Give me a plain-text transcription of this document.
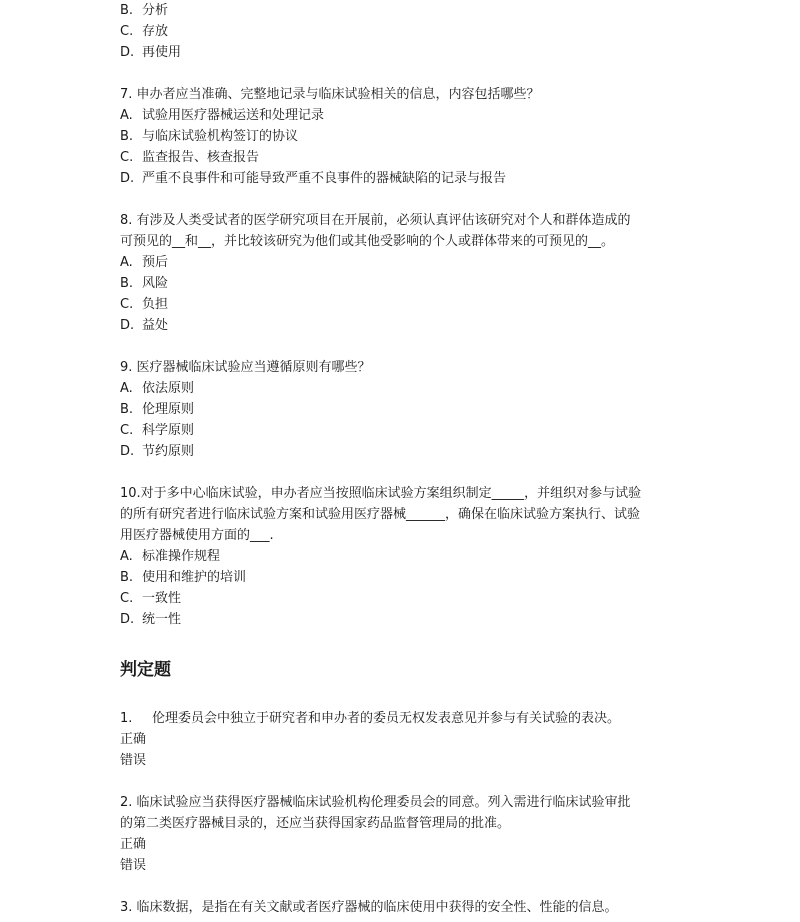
B. 分析
C. 存放
D. 再使用
7. 申办者应当准确、完整地记录与临床试验相关的信息，内容包括哪些？
A. 试验用医疗器械运送和处理记录
B. 与临床试验机构签订的协议
C. 监查报告、核查报告
D. 严重不良事件和可能导致严重不良事件的器械缺陷的记录与报告
8. 有涉及人类受试者的医学研究项目在开展前，必须认真评估该研究对个人和群体造成的
可预见的__和__，并比较该研究为他们或其他受影响的个人或群体带来的可预见的__。
A. 预后
B. 风险
C. 负担
D. 益处
9. 医疗器械临床试验应当遵循原则有哪些？
A. 依法原则
B. 伦理原则
C. 科学原则
D. 节约原则
10.对于多中心临床试验，申办者应当按照临床试验方案组织制定_____，并组织对参与试验
的所有研究者进行临床试验方案和试验用医疗器械______，确保在临床试验方案执行、试验
用医疗器械使用方面的___.
A. 标准操作规程
B. 使用和维护的培训
C. 一致性
D. 统一性
判定题
1. 伦理委员会中独立于研究者和申办者的委员无权发表意见并参与有关试验的表决。
正确
错误
2. 临床试验应当获得医疗器械临床试验机构伦理委员会的同意。列入需进行临床试验审批
的第二类医疗器械目录的，还应当获得国家药品监督管理局的批准。
正确
错误
3. 临床数据，是指在有关文献或者医疗器械的临床使用中获得的安全性、性能的信息。
